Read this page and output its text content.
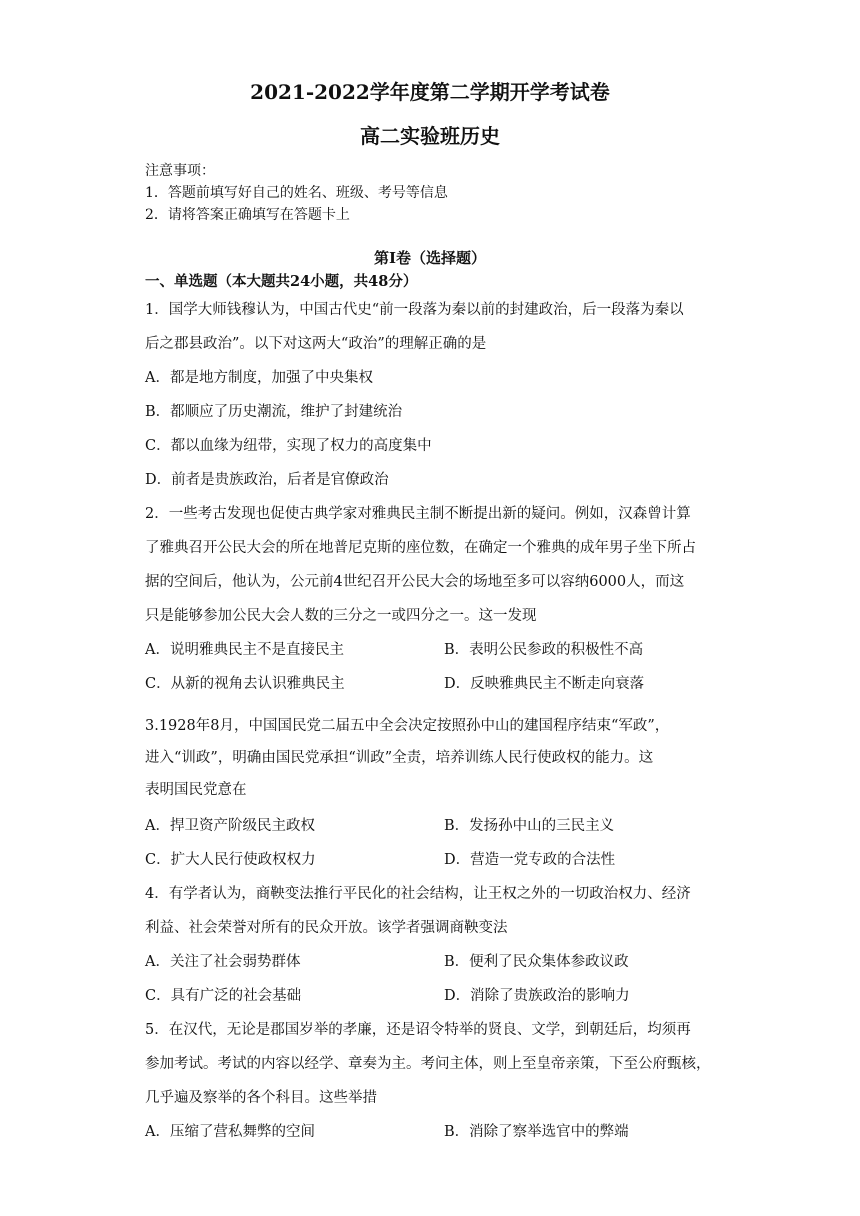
2021-2022学年度第二学期开学考试卷
高二实验班历史
注意事项：
1．答题前填写好自己的姓名、班级、考号等信息
2．请将答案正确填写在答题卡上
第Ⅰ卷（选择题）
一、单选题（本大题共24小题，共48分）
1．国学大师钱穆认为，中国古代史“前一段落为秦以前的封建政治，后一段落为秦以
后之郡县政治”。以下对这两大“政治”的理解正确的是
A．都是地方制度，加强了中央集权
B．都顺应了历史潮流，维护了封建统治
C．都以血缘为纽带，实现了权力的高度集中
D．前者是贵族政治，后者是官僚政治
2．一些考古发现也促使古典学家对雅典民主制不断提出新的疑问。例如，汉森曾计算
了雅典召开公民大会的所在地普尼克斯的座位数，在确定一个雅典的成年男子坐下所占
据的空间后，他认为，公元前4世纪召开公民大会的场地至多可以容纳6000人，而这
只是能够参加公民大会人数的三分之一或四分之一。这一发现
A．说明雅典民主不是直接民主	B．表明公民参政的积极性不高
C．从新的视角去认识雅典民主	D．反映雅典民主不断走向衰落
3.1928年8月，中国国民党二届五中全会决定按照孙中山的建国程序结束“军政”，
进入“训政”，明确由国民党承担“训政”全责，培养训练人民行使政权的能力。这
表明国民党意在
A．捍卫资产阶级民主政权	B．发扬孙中山的三民主义
C．扩大人民行使政权权力	D．营造一党专政的合法性
4．有学者认为，商鞅变法推行平民化的社会结构，让王权之外的一切政治权力、经济
利益、社会荣誉对所有的民众开放。该学者强调商鞅变法
A．关注了社会弱势群体	B．便利了民众集体参政议政
C．具有广泛的社会基础	D．消除了贵族政治的影响力
5．在汉代，无论是郡国岁举的孝廉，还是诏令特举的贤良、文学，到朝廷后，均须再
参加考试。考试的内容以经学、章奏为主。考问主体，则上至皇帝亲策，下至公府甄核，
几乎遍及察举的各个科目。这些举措
A．压缩了营私舞弊的空间	B．消除了察举选官中的弊端
